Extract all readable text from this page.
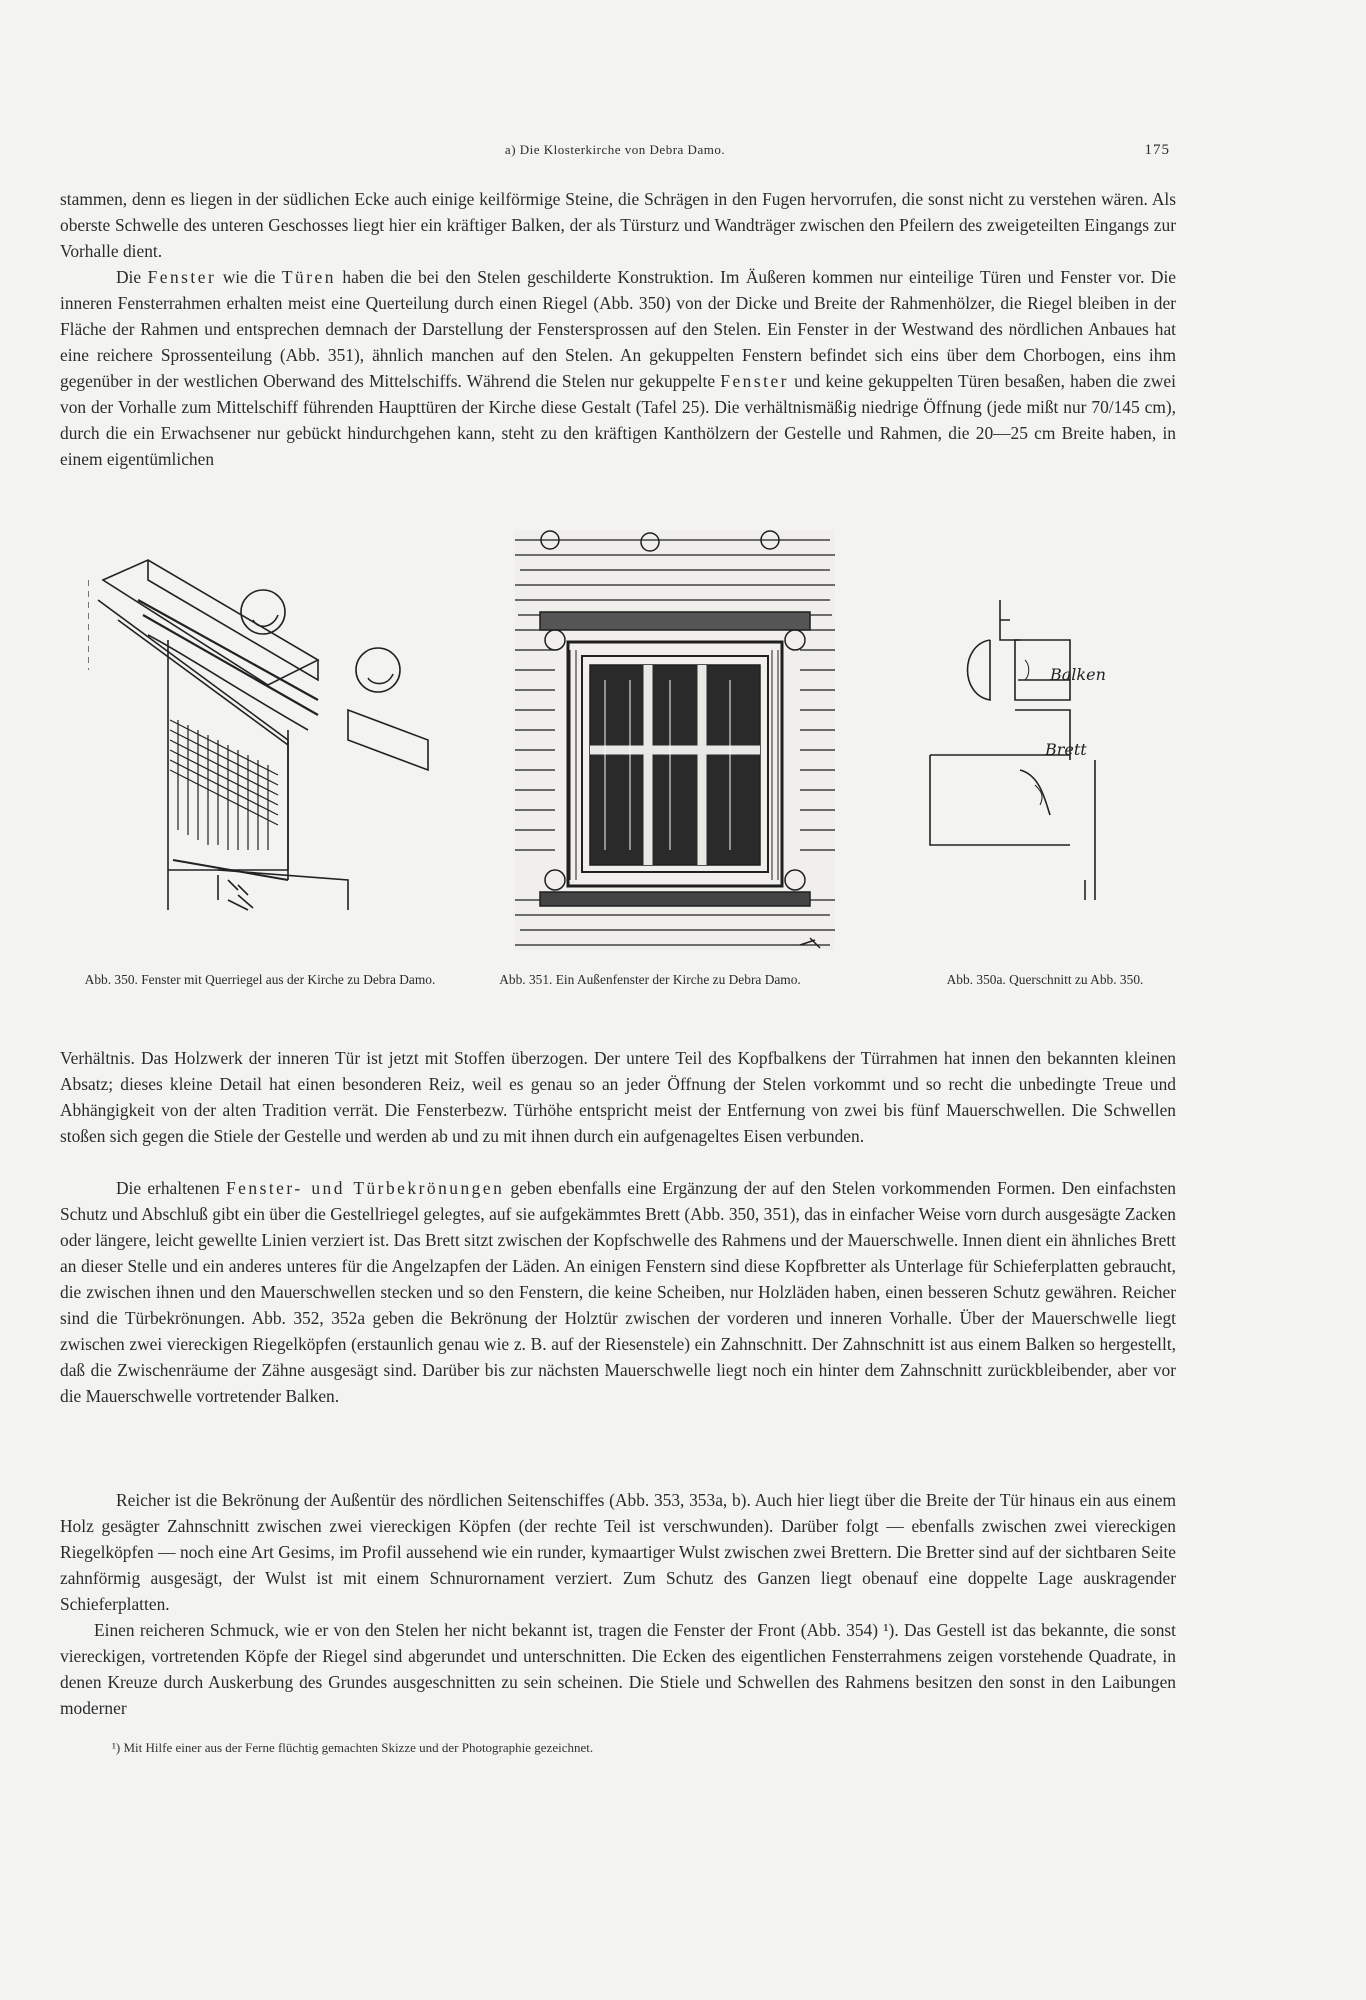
a) Die Klosterkirche von Debra Damo.	175

stammen, denn es liegen in der südlichen Ecke auch einige keilförmige Steine, die Schrägen in den Fugen hervorrufen, die sonst nicht zu verstehen wären. Als oberste Schwelle des unteren Geschosses liegt hier ein kräftiger Balken, der als Türsturz und Wandträger zwischen den Pfeilern des zweigeteilten Eingangs zur Vorhalle dient.

Die Fenster wie die Türen haben die bei den Stelen geschilderte Konstruktion. Im Äußeren kommen nur einteilige Türen und Fenster vor. Die inneren Fensterrahmen erhalten meist eine Querteilung durch einen Riegel (Abb. 350) von der Dicke und Breite der Rahmenhölzer, die Riegel bleiben in der Fläche der Rahmen und entsprechen demnach der Darstellung der Fenstersprossen auf den Stelen. Ein Fenster in der Westwand des nördlichen Anbaues hat eine reichere Sprossenteilung (Abb. 351), ähnlich manchen auf den Stelen. An gekuppelten Fenstern befindet sich eins über dem Chorbogen, eins ihm gegenüber in der westlichen Oberwand des Mittelschiffs. Während die Stelen nur gekuppelte Fenster und keine gekuppelten Türen besaßen, haben die zwei von der Vorhalle zum Mittelschiff führenden Haupttüren der Kirche diese Gestalt (Tafel 25). Die verhältnismäßig niedrige Öffnung (jede mißt nur 70/145 cm), durch die ein Erwachsener nur gebückt hindurchgehen kann, steht zu den kräftigen Kanthölzern der Gestelle und Rahmen, die 20—25 cm Breite haben, in einem eigentümlichen

Balken
Brett
Abb. 350. Fenster mit Querriegel aus der Kirche zu Debra Damo.	Abb. 351. Ein Außenfenster der Kirche zu Debra Damo.	Abb. 350a. Querschnitt zu Abb. 350.

Verhältnis. Das Holzwerk der inneren Tür ist jetzt mit Stoffen überzogen. Der untere Teil des Kopfbalkens der Türrahmen hat innen den bekannten kleinen Absatz; dieses kleine Detail hat einen besonderen Reiz, weil es genau so an jeder Öffnung der Stelen vorkommt und so recht die unbedingte Treue und Abhängigkeit von der alten Tradition verrät. Die Fensterbezw. Türhöhe entspricht meist der Entfernung von zwei bis fünf Mauerschwellen. Die Schwellen stoßen sich gegen die Stiele der Gestelle und werden ab und zu mit ihnen durch ein aufgenageltes Eisen verbunden.

Die erhaltenen Fenster- und Türbekrönungen geben ebenfalls eine Ergänzung der auf den Stelen vorkommenden Formen. Den einfachsten Schutz und Abschluß gibt ein über die Gestellriegel gelegtes, auf sie aufgekämmtes Brett (Abb. 350, 351), das in einfacher Weise vorn durch ausgesägte Zacken oder längere, leicht gewellte Linien verziert ist. Das Brett sitzt zwischen der Kopfschwelle des Rahmens und der Mauerschwelle. Innen dient ein ähnliches Brett an dieser Stelle und ein anderes unteres für die Angelzapfen der Läden. An einigen Fenstern sind diese Kopfbretter als Unterlage für Schieferplatten gebraucht, die zwischen ihnen und den Mauerschwellen stecken und so den Fenstern, die keine Scheiben, nur Holzläden haben, einen besseren Schutz gewähren. Reicher sind die Türbekrönungen. Abb. 352, 352a geben die Bekrönung der Holztür zwischen der vorderen und inneren Vorhalle. Über der Mauerschwelle liegt zwischen zwei viereckigen Riegelköpfen (erstaunlich genau wie z. B. auf der Riesenstele) ein Zahnschnitt. Der Zahnschnitt ist aus einem Balken so hergestellt, daß die Zwischenräume der Zähne ausgesägt sind. Darüber bis zur nächsten Mauerschwelle liegt noch ein hinter dem Zahnschnitt zurückbleibender, aber vor die Mauerschwelle vortretender Balken.

Reicher ist die Bekrönung der Außentür des nördlichen Seitenschiffes (Abb. 353, 353a, b). Auch hier liegt über die Breite der Tür hinaus ein aus einem Holz gesägter Zahnschnitt zwischen zwei viereckigen Köpfen (der rechte Teil ist verschwunden). Darüber folgt — ebenfalls zwischen zwei viereckigen Riegelköpfen — noch eine Art Gesims, im Profil aussehend wie ein runder, kymaartiger Wulst zwischen zwei Brettern. Die Bretter sind auf der sichtbaren Seite zahnförmig ausgesägt, der Wulst ist mit einem Schnurornament verziert. Zum Schutz des Ganzen liegt obenauf eine doppelte Lage auskragender Schieferplatten.

Einen reicheren Schmuck, wie er von den Stelen her nicht bekannt ist, tragen die Fenster der Front (Abb. 354) ¹). Das Gestell ist das bekannte, die sonst viereckigen, vortretenden Köpfe der Riegel sind abgerundet und unterschnitten. Die Ecken des eigentlichen Fensterrahmens zeigen vorstehende Quadrate, in denen Kreuze durch Auskerbung des Grundes ausgeschnitten zu sein scheinen. Die Stiele und Schwellen des Rahmens besitzen den sonst in den Laibungen moderner

¹) Mit Hilfe einer aus der Ferne flüchtig gemachten Skizze und der Photographie gezeichnet.
